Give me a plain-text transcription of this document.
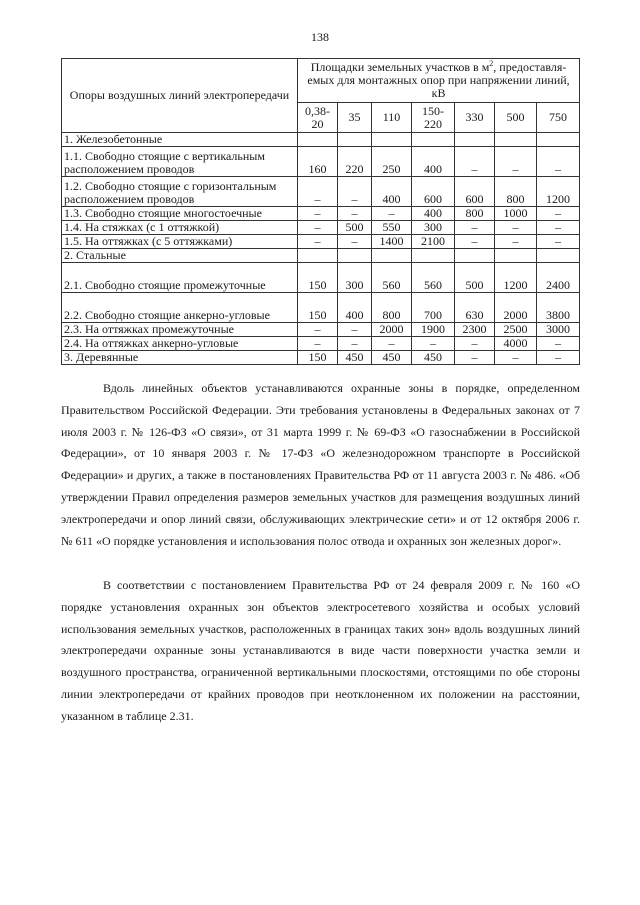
138
Опоры воздушных линий электропередачи	Площадки земельных участков в $м^2$, предоставляемых для монтажных опор при напряжении линий, кВ						
	0,38-20	35	110	150-220	330	500	750
1. Железобетонные							
1.1. Свободно стоящие с вертикальным расположением проводов	160	220	250	400	–	–	–
1.2. Свободно стоящие с горизонтальным расположением проводов	–	–	400	600	600	800	1200
1.3. Свободно стоящие многостоечные	–	–	–	400	800	1000	–
1.4. На стяжках (с 1 оттяжкой)	–	500	550	300	–	–	–
1.5. На оттяжках (с 5 оттяжками)	–	–	1400	2100	–	–	–
2. Стальные							
2.1. Свободно стоящие промежуточные	150	300	560	560	500	1200	2400
2.2. Свободно стоящие анкерно-угловые	150	400	800	700	630	2000	3800
2.3. На оттяжках промежуточные	–	–	2000	1900	2300	2500	3000
2.4. На оттяжках анкерно-угловые	–	–	–	–	–	4000	–
3. Деревянные	150	450	450	450	–	–	–

Вдоль линейных объектов устанавливаются охранные зоны в порядке, определенном Правительством Российской Федерации. Эти требования установлены в Федеральных законах от 7 июля 2003 г. № 126-ФЗ «О связи», от 31 марта 1999 г. № 69-ФЗ «О газоснабжении в Российской Федерации», от 10 января 2003 г. № 17-ФЗ «О железнодорожном транспорте в Российской Федерации» и других, а также в постановлениях Правительства РФ от 11 августа 2003 г. № 486. «Об утверждении Правил определения размеров земельных участков для размещения воздушных линий электропередачи и опор линий связи, обслуживающих электрические сети» и от 12 октября 2006 г. № 611 «О порядке установления и использования полос отвода и охранных зон железных дорог».

В соответствии с постановлением Правительства РФ от 24 февраля 2009 г. № 160 «О порядке установления охранных зон объектов электросетевого хозяйства и особых условий использования земельных участков, расположенных в границах таких зон» вдоль воздушных линий электропередачи охранные зоны устанавливаются в виде части поверхности участка земли и воздушного пространства, ограниченной вертикальными плоскостями, отстоящими по обе стороны линии электропередачи от крайних проводов при неотклоненном их положении на расстоянии, указанном в таблице 2.31.
